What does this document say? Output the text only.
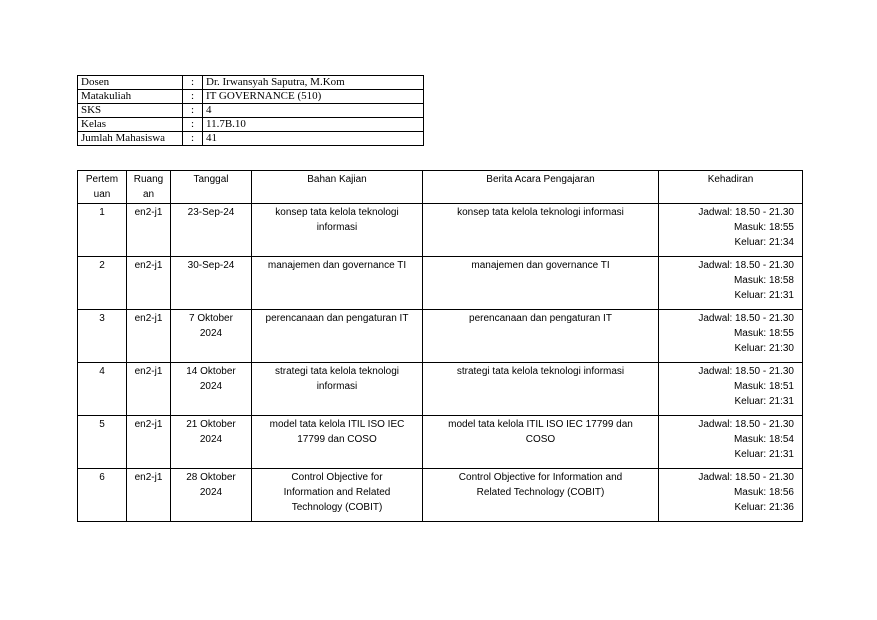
Dosen	:	Dr. Irwansyah Saputra, M.Kom
Matakuliah	:	IT GOVERNANCE (510)
SKS	:	4
Kelas	:	11.7B.10
Jumlah Mahasiswa	:	41
Pertem
uan	Ruang
an	Tanggal	Bahan Kajian	Berita Acara Pengajaran	Kehadiran

1	en2-j1	23-Sep-24	konsep tata kelola teknologi
informasi	konsep tata kelola teknologi informasi	Jadwal: 18.50 - 21.30
Masuk: 18:55
Keluar: 21:34

2	en2-j1	30-Sep-24	manajemen dan governance TI	manajemen dan governance TI	Jadwal: 18.50 - 21.30
Masuk: 18:58
Keluar: 21:31

3	en2-j1	7 Oktober
2024	perencanaan dan pengaturan IT	perencanaan dan pengaturan IT	Jadwal: 18.50 - 21.30
Masuk: 18:55
Keluar: 21:30

4	en2-j1	14 Oktober
2024	strategi tata kelola teknologi
informasi	strategi tata kelola teknologi informasi	Jadwal: 18.50 - 21.30
Masuk: 18:51
Keluar: 21:31

5	en2-j1	21 Oktober
2024	model tata kelola ITIL ISO IEC
17799 dan COSO	model tata kelola ITIL ISO IEC 17799 dan
COSO	Jadwal: 18.50 - 21.30
Masuk: 18:54
Keluar: 21:31

6	en2-j1	28 Oktober
2024	Control Objective for
Information and Related
Technology (COBIT)	Control Objective for Information and
Related Technology (COBIT)	Jadwal: 18.50 - 21.30
Masuk: 18:56
Keluar: 21:36
